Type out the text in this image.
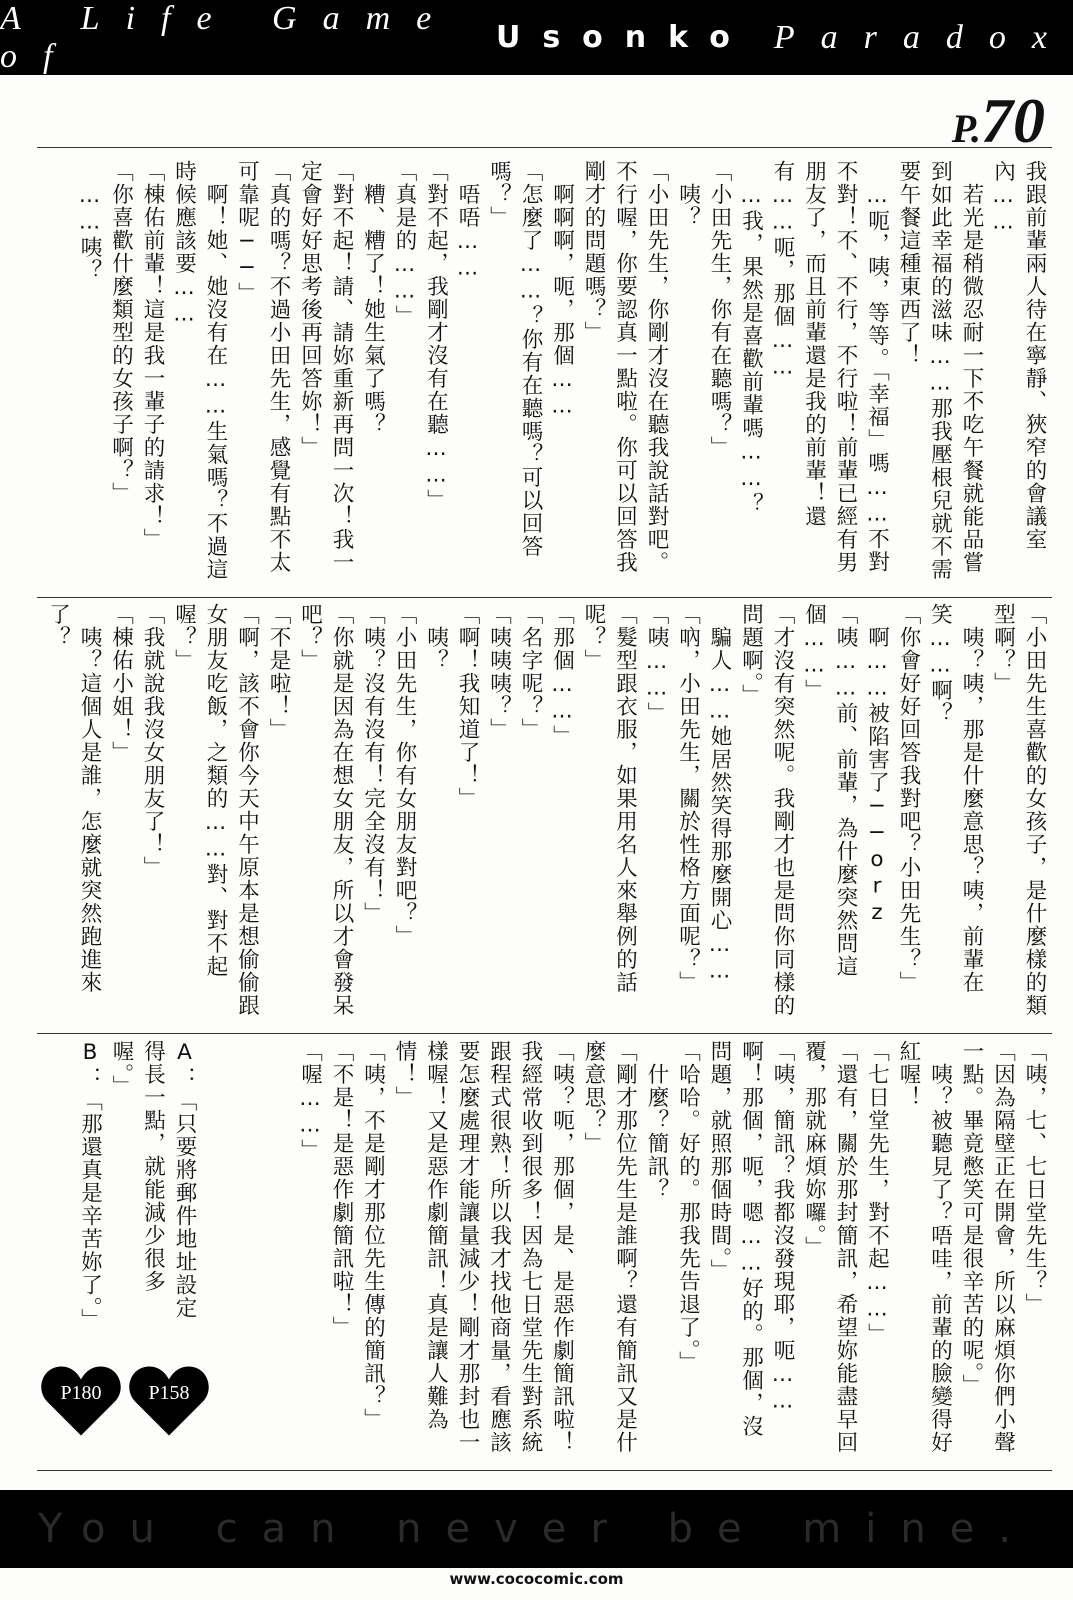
A Life Game of	Usonko Paradox
P.70
我跟前輩兩人待在寧靜、狹窄的會議室內……
　若光是稍微忍耐一下不吃午餐就能品嘗到如此幸福的滋味……那我壓根兒就不需要午餐這種東西了！
　…呃，咦，等等。「幸福」嗎……不對不對！不、不行，不行啦！前輩已經有男朋友了，而且前輩還是我的前輩！還有……呃，那個……
　…我，果然是喜歡前輩嗎……？
「小田先生，你有在聽嗎？」
　咦？
「小田先生，你剛才沒在聽我說話對吧。不行喔，你要認真一點啦。你可以回答我剛才的問題嗎？」
　啊啊啊，呃，那個……
「怎麼了……？你有在聽嗎？可以回答嗎？」
　唔唔……
「對不起，我剛才沒有在聽……」
「真是的……」
　糟、糟了！她生氣了嗎？
「對不起！請、請妳重新再問一次！我一定會好好思考後再回答妳！」
「真的嗎？不過小田先生，感覺有點不太可靠呢──」
　啊！她、她沒有在……生氣嗎？不過這時候應該要……
「棟佑前輩！這是我一輩子的請求！」
「你喜歡什麼類型的女孩子啊？」
　……咦？
「小田先生喜歡的女孩子，是什麼樣的類型啊？」
　咦？咦，那是什麼意思？咦，前輩在笑……啊？
「你會好好回答我對吧？小田先生？」
　啊……被陷害了──orz
「咦……前、前輩，為什麼突然問這個……」
「才沒有突然呢。我剛才也是問你同樣的問題啊。」
　騙人……她居然笑得那麼開心……
「吶，小田先生，關於性格方面呢？」
「咦……」
「髮型跟衣服，如果用名人來舉例的話呢？」
「那個……」
「名字呢？」
「咦咦咦？」
「啊！我知道了！」
　咦？
「小田先生，你有女朋友對吧？」
「咦？沒有沒有！完全沒有！」
「你就是因為在想女朋友，所以才會發呆吧？」
「不是啦！」
「啊，該不會你今天中午原本是想偷偷跟女朋友吃飯，之類的……對、對不起喔？」
「我就說我沒女朋友了！」
「棟佑小姐！」
　咦？這個人是誰，怎麼就突然跑進來了？
「咦，七、七日堂先生？」
「因為隔壁正在開會，所以麻煩你們小聲一點。畢竟憋笑可是很辛苦的呢。」
　咦？被聽見了？唔哇，前輩的臉變得好紅喔！
「七日堂先生，對不起……」
「還有，關於那封簡訊，希望妳能盡早回覆，那就麻煩妳囉。」
「咦，簡訊？我都沒發現耶，呃……啊！那個，呃，嗯……好的。那個，沒問題，就照那個時間。」
「哈哈。好的。那我先告退了。」
　什麼？簡訊？
「剛才那位先生是誰啊？還有簡訊又是什麼意思？」
「咦？呃，那個，是、是惡作劇簡訊啦！我經常收到很多！因為七日堂先生對系統跟程式很熟！所以我才找他商量，看應該要怎麼處理才能讓量減少！剛才那封也一樣喔！又是惡作劇簡訊！真是讓人難為情！」
「咦，不是剛才那位先生傳的簡訊？」
「不是！是惡作劇簡訊啦！」
「喔……」
A：「只要將郵件地址設定得長一點，就能減少很多喔。」
B：「那還真是辛苦妳了。」
P180	P158
You can never be mine.
www.cococomic.com
